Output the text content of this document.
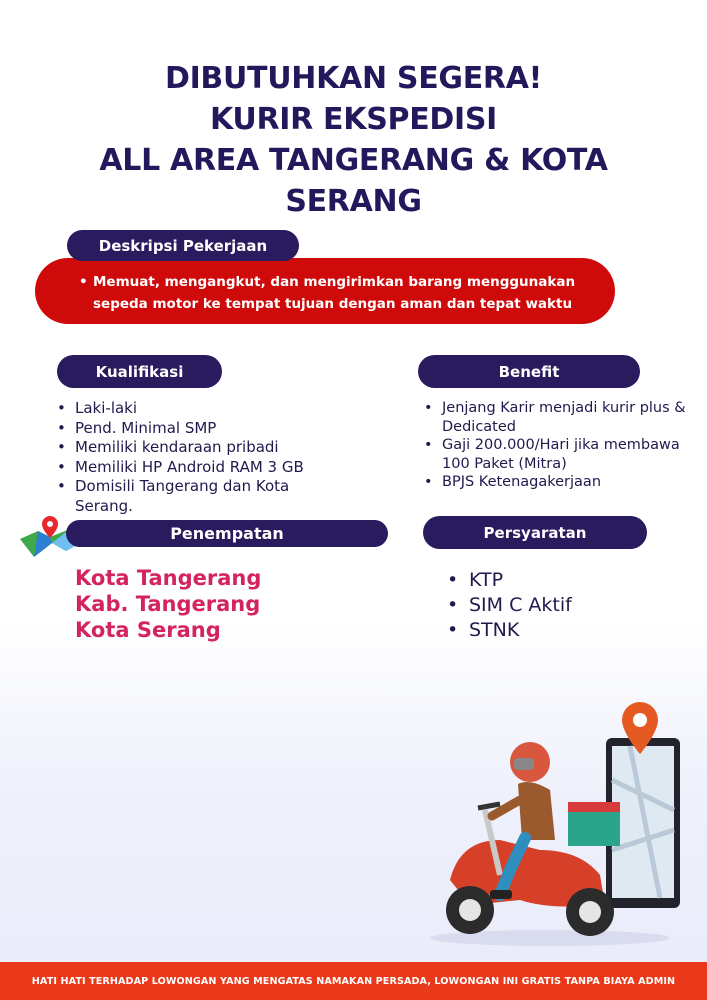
DIBUTUHKAN SEGERA!
KURIR EKSPEDISI
ALL AREA TANGERANG & KOTA
SERANG
• Memuat, mengangkut, dan mengirimkan barang menggunakan
sepeda motor ke tempat tujuan dengan aman dan tepat waktu
Deskripsi Pekerjaan
Kualifikasi
• Laki-laki
• Pend. Minimal SMP
• Memiliki kendaraan pribadi
• Memiliki HP Android RAM 3 GB
• Domisili Tangerang dan Kota Serang.
Benefit
• Jenjang Karir menjadi kurir plus & Dedicated
• Gaji 200.000/Hari jika membawa 100 Paket (Mitra)
• BPJS Ketenagakerjaan
Penempatan
Kota Tangerang
Kab. Tangerang
Kota Serang
Persyaratan
• KTP
• SIM C Aktif
• STNK
HATI HATI TERHADAP LOWONGAN YANG MENGATAS NAMAKAN PERSADA, LOWONGAN INI GRATIS TANPA BIAYA ADMIN
